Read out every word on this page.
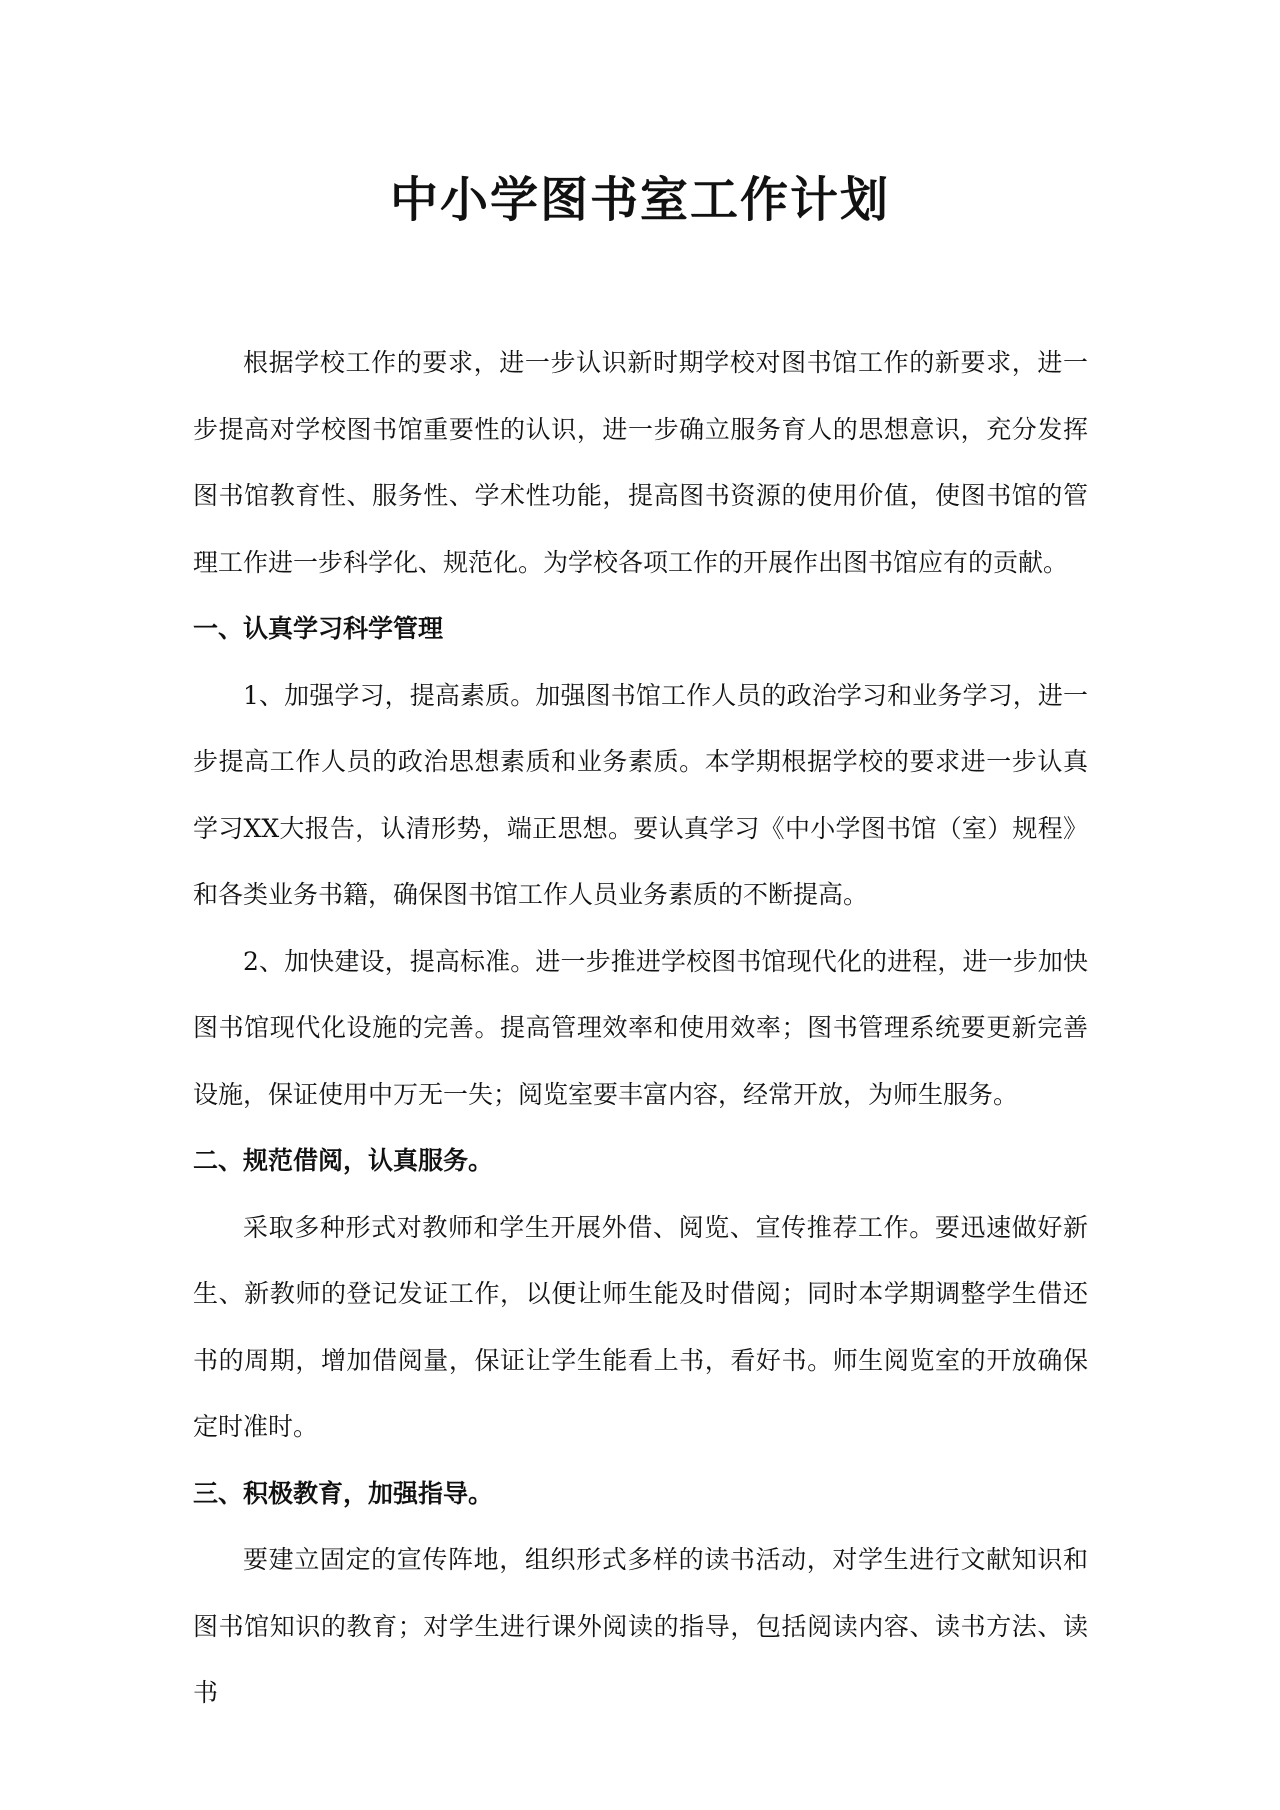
中小学图书室工作计划

根据学校工作的要求，进一步认识新时期学校对图书馆工作的新要求，进一步提高对学校图书馆重要性的认识，进一步确立服务育人的思想意识，充分发挥图书馆教育性、服务性、学术性功能，提高图书资源的使用价值，使图书馆的管理工作进一步科学化、规范化。为学校各项工作的开展作出图书馆应有的贡献。

一、认真学习科学管理

1、加强学习，提高素质。加强图书馆工作人员的政治学习和业务学习，进一步提高工作人员的政治思想素质和业务素质。本学期根据学校的要求进一步认真学习XX大报告，认清形势，端正思想。要认真学习《中小学图书馆（室）规程》和各类业务书籍，确保图书馆工作人员业务素质的不断提高。

2、加快建设，提高标准。进一步推进学校图书馆现代化的进程，进一步加快图书馆现代化设施的完善。提高管理效率和使用效率；图书管理系统要更新完善设施，保证使用中万无一失；阅览室要丰富内容，经常开放，为师生服务。

二、规范借阅，认真服务。

采取多种形式对教师和学生开展外借、阅览、宣传推荐工作。要迅速做好新生、新教师的登记发证工作，以便让师生能及时借阅；同时本学期调整学生借还书的周期，增加借阅量，保证让学生能看上书，看好书。师生阅览室的开放确保定时准时。

三、积极教育，加强指导。

要建立固定的宣传阵地，组织形式多样的读书活动，对学生进行文献知识和图书馆知识的教育；对学生进行课外阅读的指导，包括阅读内容、读书方法、读书
